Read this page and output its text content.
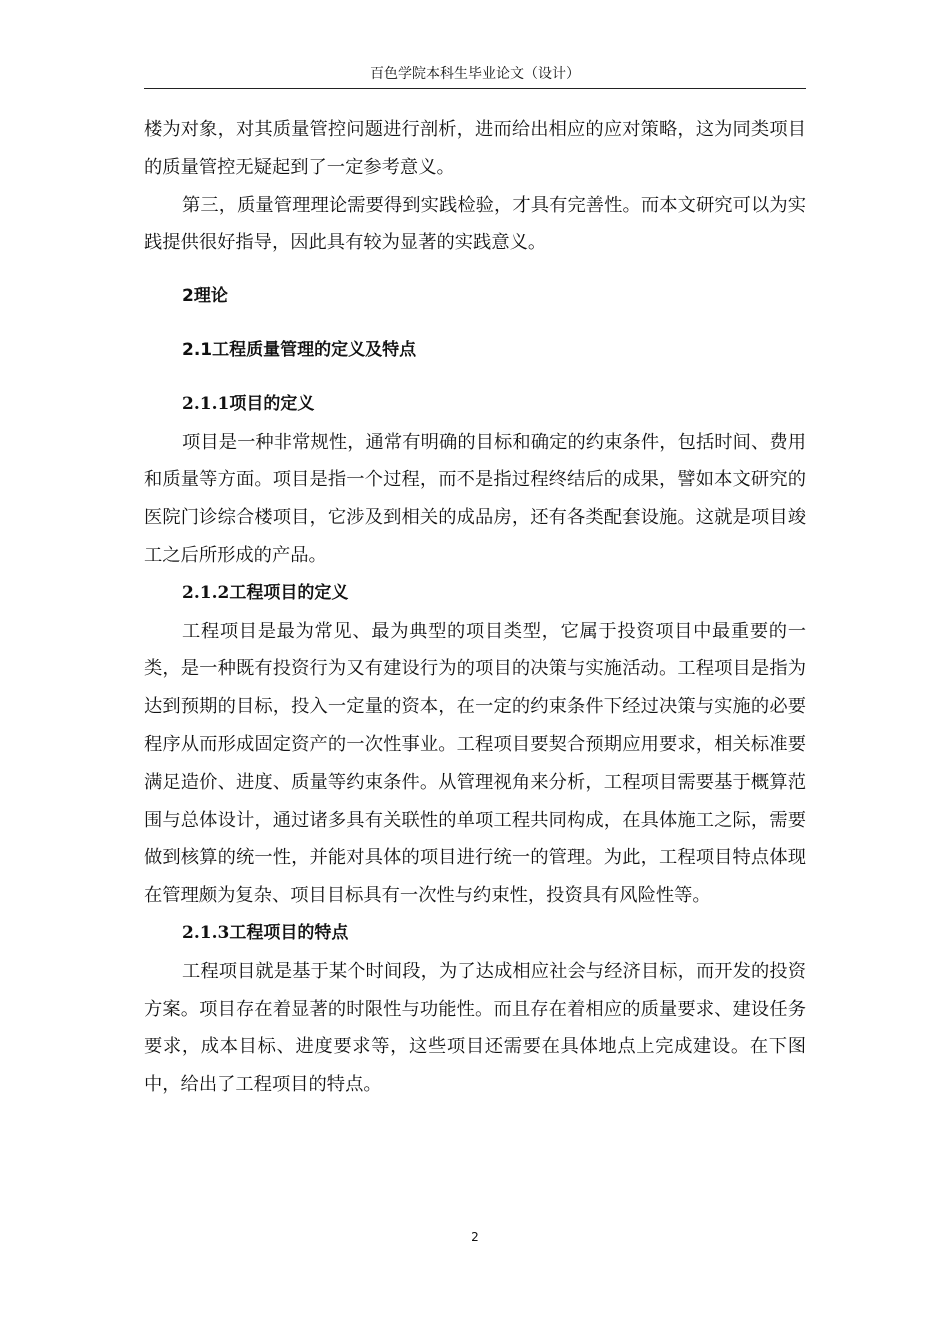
百色学院本科生毕业论文（设计）

楼为对象，对其质量管控问题进行剖析，进而给出相应的应对策略，这为同类项目的质量管控无疑起到了一定参考意义。

第三，质量管理理论需要得到实践检验，才具有完善性。而本文研究可以为实践提供很好指导，因此具有较为显著的实践意义。

2理论
2.1工程质量管理的定义及特点
2.1.1项目的定义

项目是一种非常规性，通常有明确的目标和确定的约束条件，包括时间、费用和质量等方面。项目是指一个过程，而不是指过程终结后的成果，譬如本文研究的医院门诊综合楼项目，它涉及到相关的成品房，还有各类配套设施。这就是项目竣工之后所形成的产品。

2.1.2工程项目的定义

工程项目是最为常见、最为典型的项目类型，它属于投资项目中最重要的一类，是一种既有投资行为又有建设行为的项目的决策与实施活动。工程项目是指为达到预期的目标，投入一定量的资本，在一定的约束条件下经过决策与实施的必要程序从而形成固定资产的一次性事业。工程项目要契合预期应用要求，相关标准要满足造价、进度、质量等约束条件。从管理视角来分析，工程项目需要基于概算范围与总体设计，通过诸多具有关联性的单项工程共同构成，在具体施工之际，需要做到核算的统一性，并能对具体的项目进行统一的管理。为此，工程项目特点体现在管理颇为复杂、项目目标具有一次性与约束性，投资具有风险性等。

2.1.3工程项目的特点

工程项目就是基于某个时间段，为了达成相应社会与经济目标，而开发的投资方案。项目存在着显著的时限性与功能性。而且存在着相应的质量要求、建设任务要求，成本目标、进度要求等，这些项目还需要在具体地点上完成建设。在下图中，给出了工程项目的特点。

2
